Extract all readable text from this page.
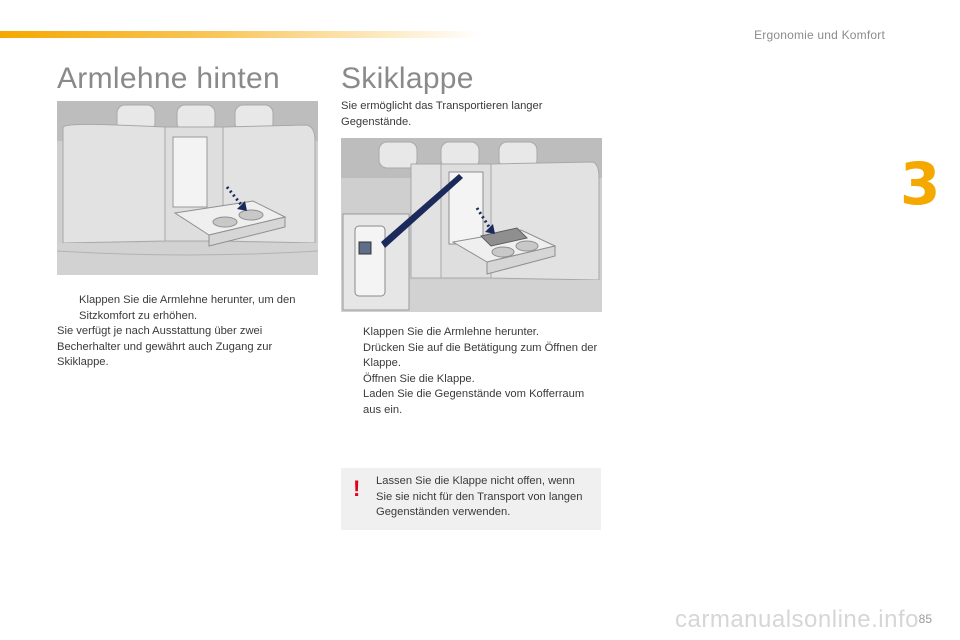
Ergonomie und Komfort
3
Armlehne hinten Skiklappe
Sie ermöglicht das Transportieren langer Gegenstände.
Klappen Sie die Armlehne herunter, um den Sitzkomfort zu erhöhen.
Sie verfügt je nach Ausstattung über zwei Becherhalter und gewährt auch Zugang zur Skiklappe.
Klappen Sie die Armlehne herunter.
Drücken Sie auf die Betätigung zum Öffnen der Klappe.
Öffnen Sie die Klappe.
Laden Sie die Gegenstände vom Kofferraum aus ein.
! Lassen Sie die Klappe nicht offen, wenn Sie sie nicht für den Transport von langen Gegenständen verwenden.
carmanualsonline.info 85
